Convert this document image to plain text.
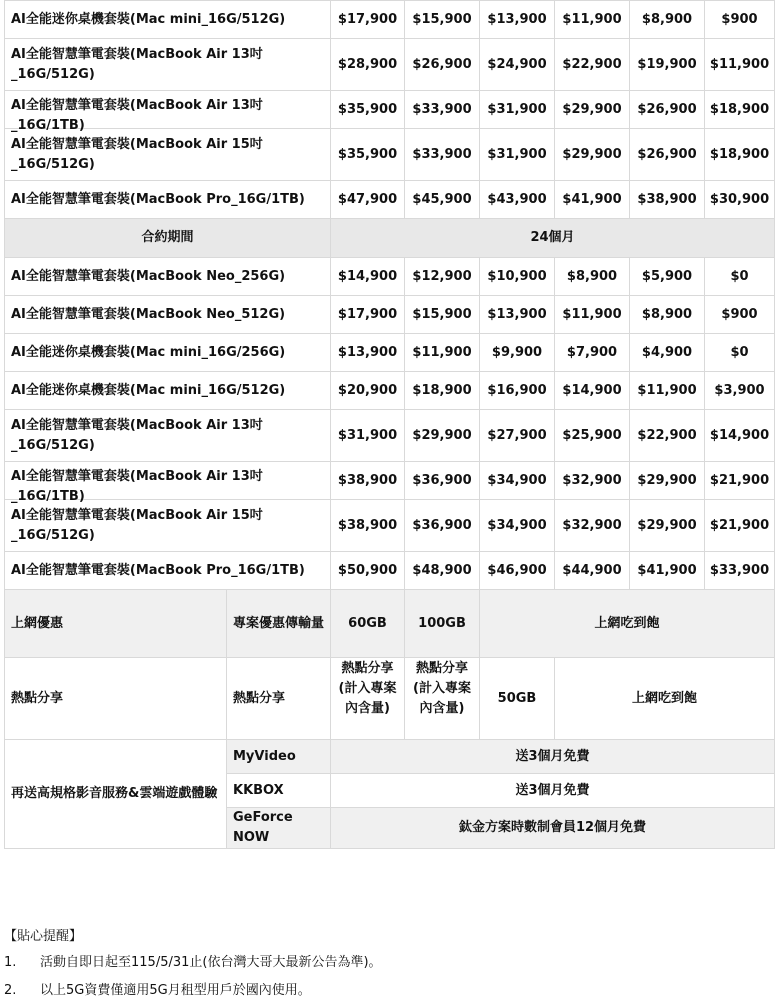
AI全能迷你桌機套裝(Mac mini_16G/512G)		$17,900	$15,900	$13,900	$11,900	$8,900	$900

AI全能智慧筆電套裝(MacBook Air 13吋_16G/512G)		$28,900	$26,900	$24,900	$22,900	$19,900	$11,900

AI全能智慧筆電套裝(MacBook Air 13吋_16G/1TB)		$35,900	$33,900	$31,900	$29,900	$26,900	$18,900

AI全能智慧筆電套裝(MacBook Air 15吋_16G/512G)		$35,900	$33,900	$31,900	$29,900	$26,900	$18,900

AI全能智慧筆電套裝(MacBook Pro_16G/1TB)		$47,900	$45,900	$43,900	$41,900	$38,900	$30,900
合約期間		24個月					

AI全能智慧筆電套裝(MacBook Neo_256G)		$14,900	$12,900	$10,900	$8,900	$5,900	$0

AI全能智慧筆電套裝(MacBook Neo_512G)		$17,900	$15,900	$13,900	$11,900	$8,900	$900

AI全能迷你桌機套裝(Mac mini_16G/256G)		$13,900	$11,900	$9,900	$7,900	$4,900	$0

AI全能迷你桌機套裝(Mac mini_16G/512G)		$20,900	$18,900	$16,900	$14,900	$11,900	$3,900

AI全能智慧筆電套裝(MacBook Air 13吋_16G/512G)		$31,900	$29,900	$27,900	$25,900	$22,900	$14,900

AI全能智慧筆電套裝(MacBook Air 13吋_16G/1TB)		$38,900	$36,900	$34,900	$32,900	$29,900	$21,900

AI全能智慧筆電套裝(MacBook Air 15吋_16G/512G)		$38,900	$36,900	$34,900	$32,900	$29,900	$21,900

AI全能智慧筆電套裝(MacBook Pro_16G/1TB)		$50,900	$48,900	$46,900	$44,900	$41,900	$33,900
上網優惠	專案優惠傳輸量	60GB	100GB	上網吃到飽			
熱點分享	熱點分享	熱點分享(計入專案內含量)	熱點分享(計入專案內含量)	50GB	上網吃到飽		
再送高規格影音服務&雲端遊戲體驗	MyVideo	送3個月免費					
	KKBOX	送3個月免費					
	GeForce NOW	鈦金方案時數制會員12個月免費					
【貼心提醒】
1.	活動自即日起至115/5/31止(依台灣大哥大最新公告為準)。
2.	以上5G資費僅適用5G月租型用戶於國內使用。
